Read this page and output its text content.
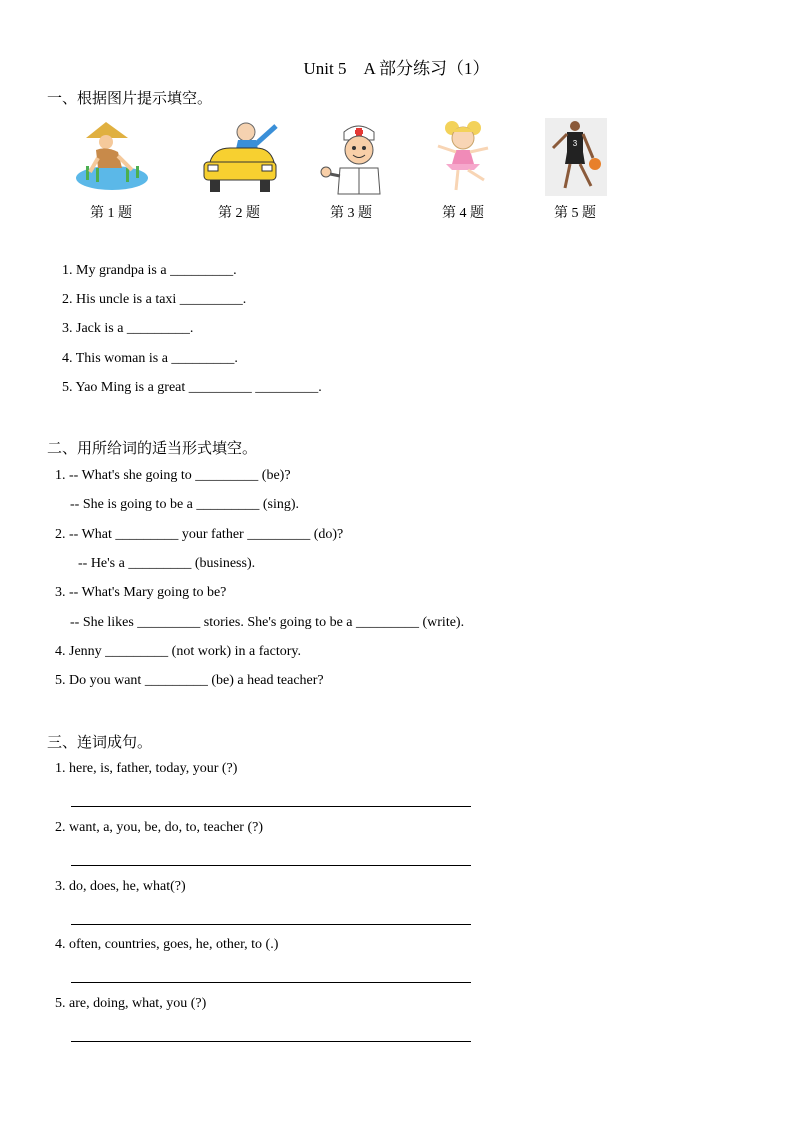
Unit 5　A 部分练习（1）
一、根据图片提示填空。
第 1 题	第 2 题	第 3 题	第 4 题
3
第 5 题
1. My grandpa is a _________.
2. His uncle is a taxi _________.
3. Jack is a _________.
4. This woman is a _________.
5. Yao Ming is a great _________ _________.
二、用所给词的适当形式填空。
1. -- What's she going to _________ (be)?
-- She is going to be a _________ (sing).
2. -- What _________ your father _________ (do)?
-- He's a _________ (business).
3. -- What's Mary going to be?
-- She likes _________ stories. She's going to be a _________ (write).
4. Jenny _________ (not work) in a factory.
5. Do you want _________ (be) a head teacher?
三、连词成句。
1. here, is, father, today, your (?)
2. want, a, you, be, do, to, teacher (?)
3. do, does, he, what(?)
4. often, countries, goes, he, other, to (.)
5. are, doing, what, you (?)
